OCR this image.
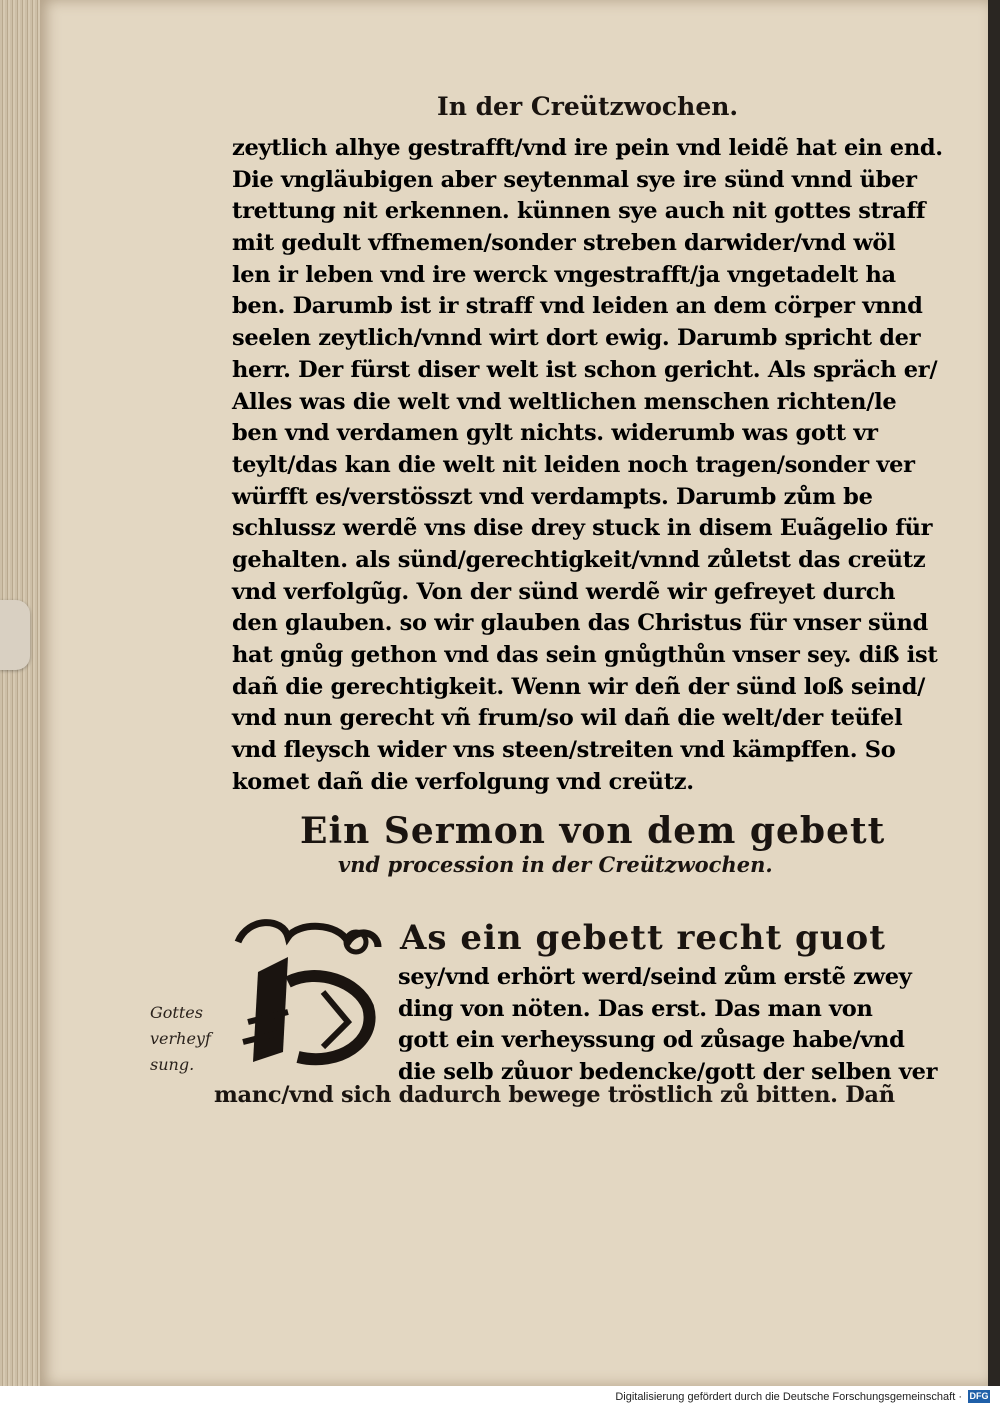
In der Creützwochen.
zeytlich alhye gestrafft/vnd ire pein vnd leidẽ hat ein end.
Die vngläubigen aber seytenmal sye ire sünd vnnd über
trettung nit erkennen. künnen sye auch nit gottes straff
mit gedult vffnemen/sonder streben darwider/vnd wöl
len ir leben vnd ire werck vngestrafft/ja vngetadelt ha
ben. Darumb ist ir straff vnd leiden an dem cörper vnnd
seelen zeytlich/vnnd wirt dort ewig. Darumb spricht der
herr. Der fürst diser welt ist schon gericht. Als spräch er/
Alles was die welt vnd weltlichen menschen richten/le
ben vnd verdamen gylt nichts. widerumb was gott vr
teylt/das kan die welt nit leiden noch tragen/sonder ver
würfft es/verstösszt vnd verdampts. Darumb zům be
schlussz werdẽ vns dise drey stuck in disem Euãgelio für
gehalten. als sünd/gerechtigkeit/vnnd zůletst das creütz
vnd verfolgũg. Von der sünd werdẽ wir gefreyet durch
den glauben. so wir glauben das Christus für vnser sünd
hat gnůg gethon vnd das sein gnůgthůn vnser sey. diß ist
dañ die gerechtigkeit. Wenn wir deñ der sünd loß seind/
vnd nun gerecht vñ frum/so wil dañ die welt/der teüfel
vnd fleysch wider vns steen/streiten vnd kämpffen. So
komet dañ die verfolgung vnd creütz.
Ein Sermon von dem gebett
vnd procession in der Creützwochen.
As ein gebett recht guot
sey/vnd erhört werd/seind zům erstẽ zwey
ding von nöten. Das erst. Das man von
gott ein verheyssung od zůsage habe/vnd
die selb zůuor bedencke/gott der selben ver
manc/vnd sich dadurch bewege tröstlich zů bitten. Dañ
Gottes
verheyf
sung.
Digitalisierung gefördert durch die Deutsche Forschungsgemeinschaft · DFG
